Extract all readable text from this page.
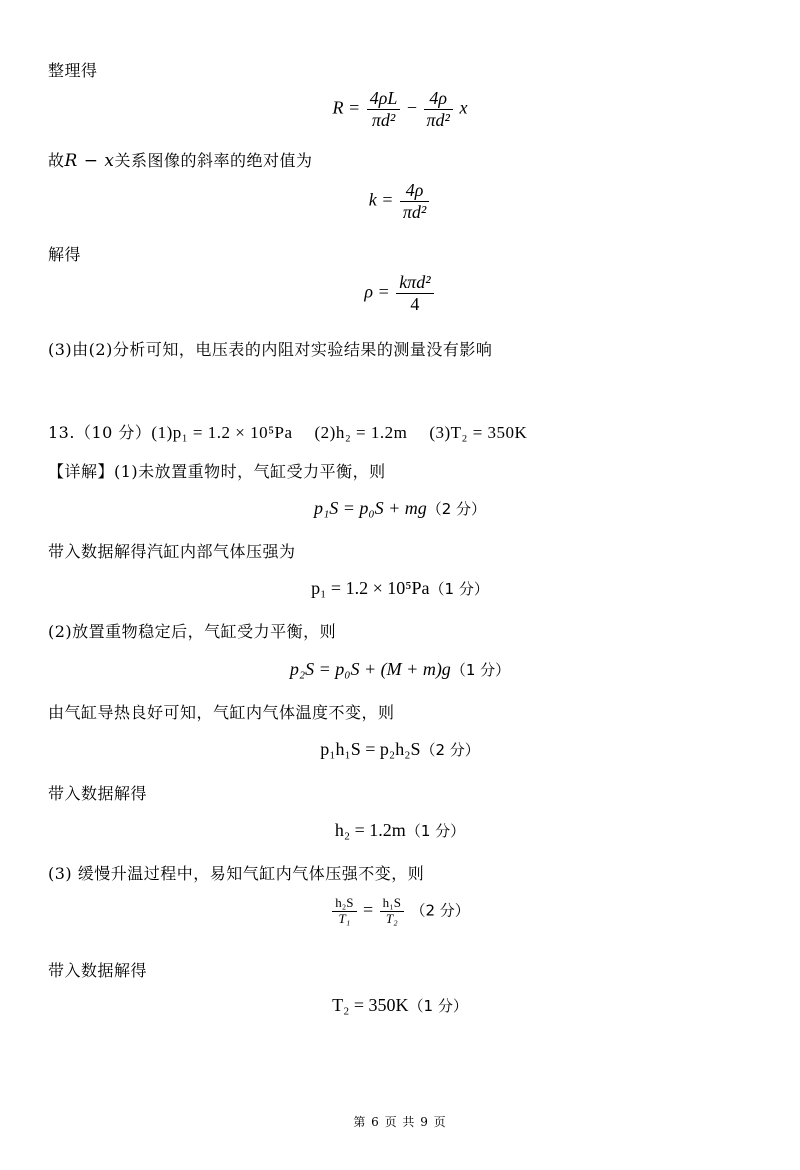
整理得
$R = \frac{4\rho L}{\text{πd²}} - \frac{4\rho}{\text{πd²}}$ x
故R − x关系图像的斜率的绝对值为
$k = \frac{4\rho}{\text{πd²}}$
解得
$\rho = \frac{\text{kπd²}}{4}$
(3)由(2)分析可知，电压表的内阻对实验结果的测量没有影响
13.（10 分）(1)p₁ = 1.2 × 10⁵Pa (2)h₂ = 1.2m (3)T₂ = 350K
【详解】(1)未放置重物时，气缸受力平衡，则
p₁S = p₀S + mg（2 分）
带入数据解得汽缸内部气体压强为
p₁ = 1.2 × 10⁵Pa（1 分）
(2)放置重物稳定后，气缸受力平衡，则
p₂S = p₀S + (M + m)g（1 分）
由气缸导热良好可知，气缸内气体温度不变，则
p₁h₁S = p₂h₂S（2 分）
带入数据解得
h₂ = 1.2m（1 分）
(3) 缓慢升温过程中，易知气缸内气体压强不变，则
$\frac{\text{h₂S}}{\text{T₁}} = \frac{\text{h₁S}}{\text{T₂}} (2$ 分）
带入数据解得
T₂ = 350K（1 分）
第 6 页 共 9 页
